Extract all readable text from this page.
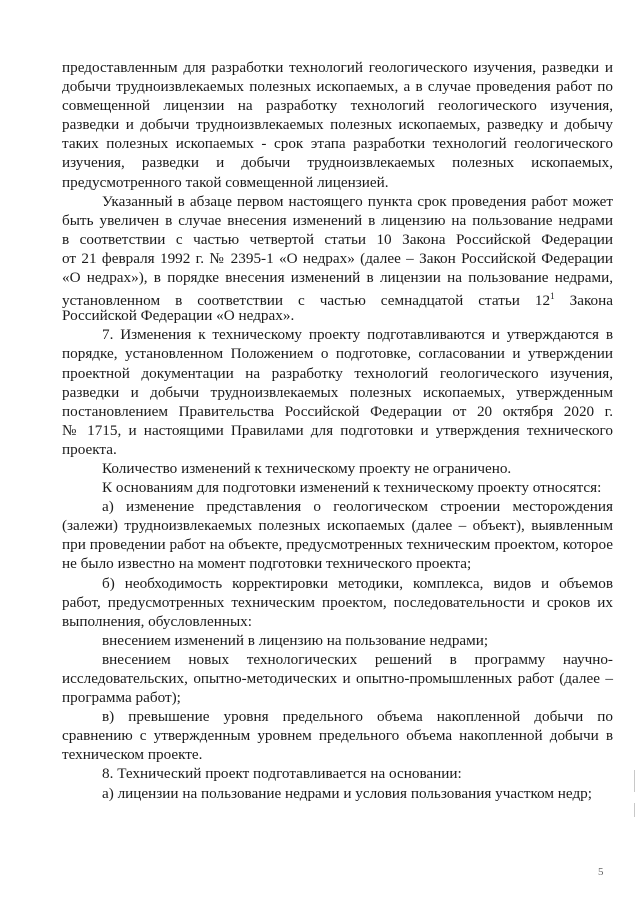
предоставленным для разработки технологий геологического изучения, разведки и
добычи трудноизвлекаемых полезных ископаемых, а в случае проведения работ по
совмещенной лицензии на разработку технологий геологического изучения,
разведки и добычи трудноизвлекаемых полезных ископаемых, разведку и добычу
таких полезных ископаемых - срок этапа разработки технологий геологического
изучения, разведки и добычи трудноизвлекаемых полезных ископаемых,
предусмотренного такой совмещенной лицензией.
Указанный в абзаце первом настоящего пункта срок проведения работ может
быть увеличен в случае внесения изменений в лицензию на пользование недрами
в соответствии с частью четвертой статьи 10 Закона Российской Федерации
от 21 февраля 1992 г. № 2395-1 «О недрах» (далее – Закон Российской Федерации
«О недрах»), в порядке внесения изменений в лицензии на пользование недрами,
установленном в соответствии с частью семнадцатой статьи $12^1$ Закона
Российской Федерации «О недрах».
7. Изменения к техническому проекту подготавливаются и утверждаются в
порядке, установленном Положением о подготовке, согласовании и утверждении
проектной документации на разработку технологий геологического изучения,
разведки и добычи трудноизвлекаемых полезных ископаемых, утвержденным
постановлением Правительства Российской Федерации от 20 октября 2020 г.
№ 1715, и настоящими Правилами для подготовки и утверждения технического
проекта.
Количество изменений к техническому проекту не ограничено.
К основаниям для подготовки изменений к техническому проекту относятся:
а) изменение представления о геологическом строении месторождения
(залежи) трудноизвлекаемых полезных ископаемых (далее – объект), выявленным
при проведении работ на объекте, предусмотренных техническим проектом, которое
не было известно на момент подготовки технического проекта;
б) необходимость корректировки методики, комплекса, видов и объемов
работ, предусмотренных техническим проектом, последовательности и сроков их
выполнения, обусловленных:
внесением изменений в лицензию на пользование недрами;
внесением новых технологических решений в программу научно-
исследовательских, опытно-методических и опытно-промышленных работ (далее –
программа работ);
в) превышение уровня предельного объема накопленной добычи по
сравнению с утвержденным уровнем предельного объема накопленной добычи в
техническом проекте.
8. Технический проект подготавливается на основании:
а) лицензии на пользование недрами и условия пользования участком недр;
5
